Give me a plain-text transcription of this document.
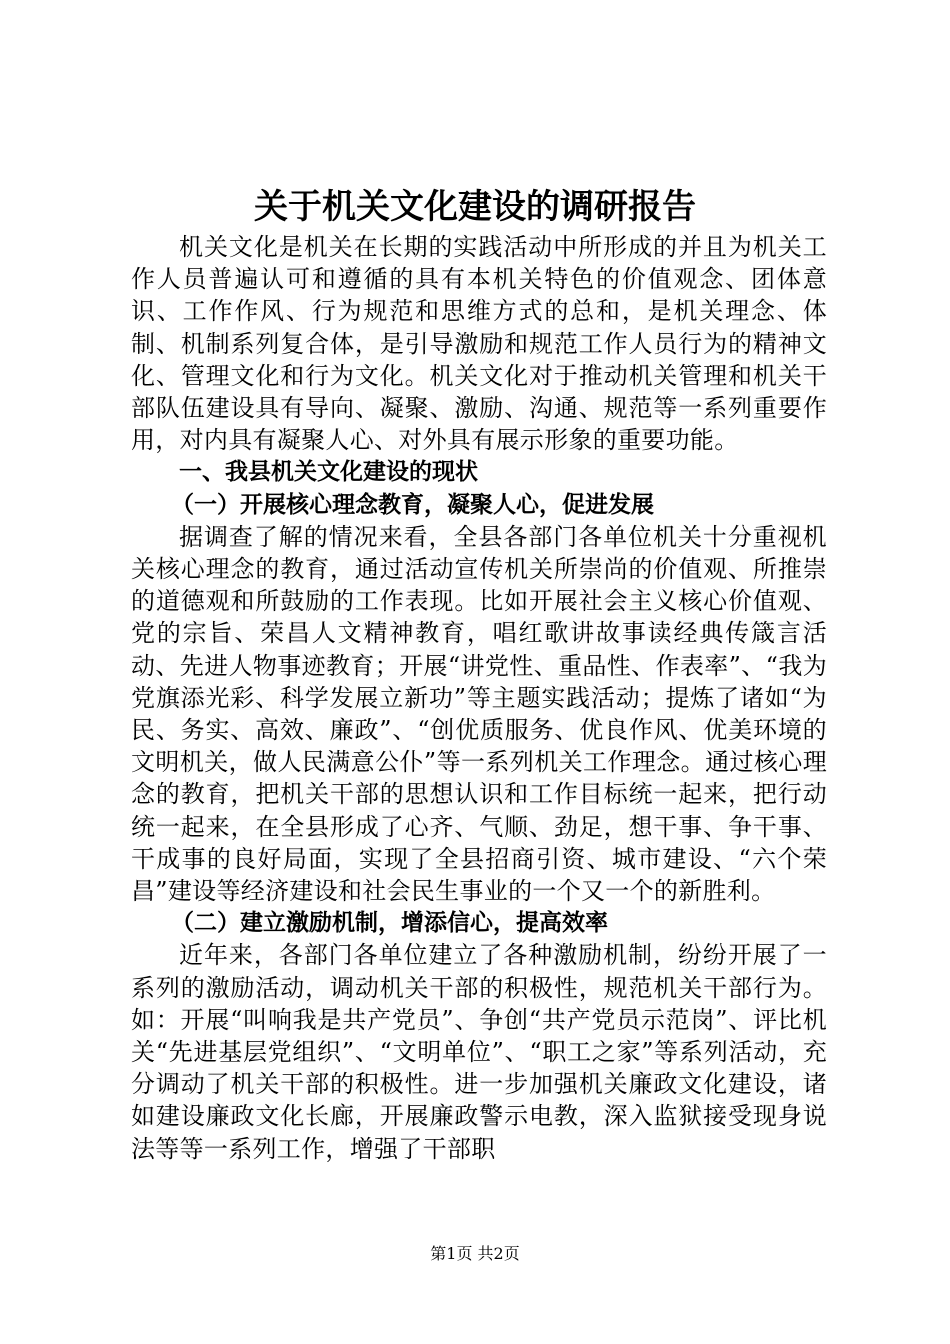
关于机关文化建设的调研报告

机关文化是机关在长期的实践活动中所形成的并且为机关工作人员普遍认可和遵循的具有本机关特色的价值观念、团体意识、工作作风、行为规范和思维方式的总和，是机关理念、体制、机制系列复合体，是引导激励和规范工作人员行为的精神文化、管理文化和行为文化。机关文化对于推动机关管理和机关干部队伍建设具有导向、凝聚、激励、沟通、规范等一系列重要作用，对内具有凝聚人心、对外具有展示形象的重要功能。

一、我县机关文化建设的现状

（一）开展核心理念教育，凝聚人心，促进发展

据调查了解的情况来看，全县各部门各单位机关十分重视机关核心理念的教育，通过活动宣传机关所崇尚的价值观、所推崇的道德观和所鼓励的工作表现。比如开展社会主义核心价值观、党的宗旨、荣昌人文精神教育，唱红歌讲故事读经典传箴言活动、先进人物事迹教育；开展“讲党性、重品性、作表率”、“我为党旗添光彩、科学发展立新功”等主题实践活动；提炼了诸如“为民、务实、高效、廉政”、“创优质服务、优良作风、优美环境的文明机关，做人民满意公仆”等一系列机关工作理念。通过核心理念的教育，把机关干部的思想认识和工作目标统一起来，把行动统一起来，在全县形成了心齐、气顺、劲足，想干事、争干事、干成事的良好局面，实现了全县招商引资、城市建设、“六个荣昌”建设等经济建设和社会民生事业的一个又一个的新胜利。

（二）建立激励机制，增添信心，提高效率

近年来，各部门各单位建立了各种激励机制，纷纷开展了一系列的激励活动，调动机关干部的积极性，规范机关干部行为。如：开展“叫响我是共产党员”、争创“共产党员示范岗”、评比机关“先进基层党组织”、“文明单位”、“职工之家”等系列活动，充分调动了机关干部的积极性。进一步加强机关廉政文化建设，诸如建设廉政文化长廊，开展廉政警示电教，深入监狱接受现身说法等等一系列工作，增强了干部职

第1页 共2页
